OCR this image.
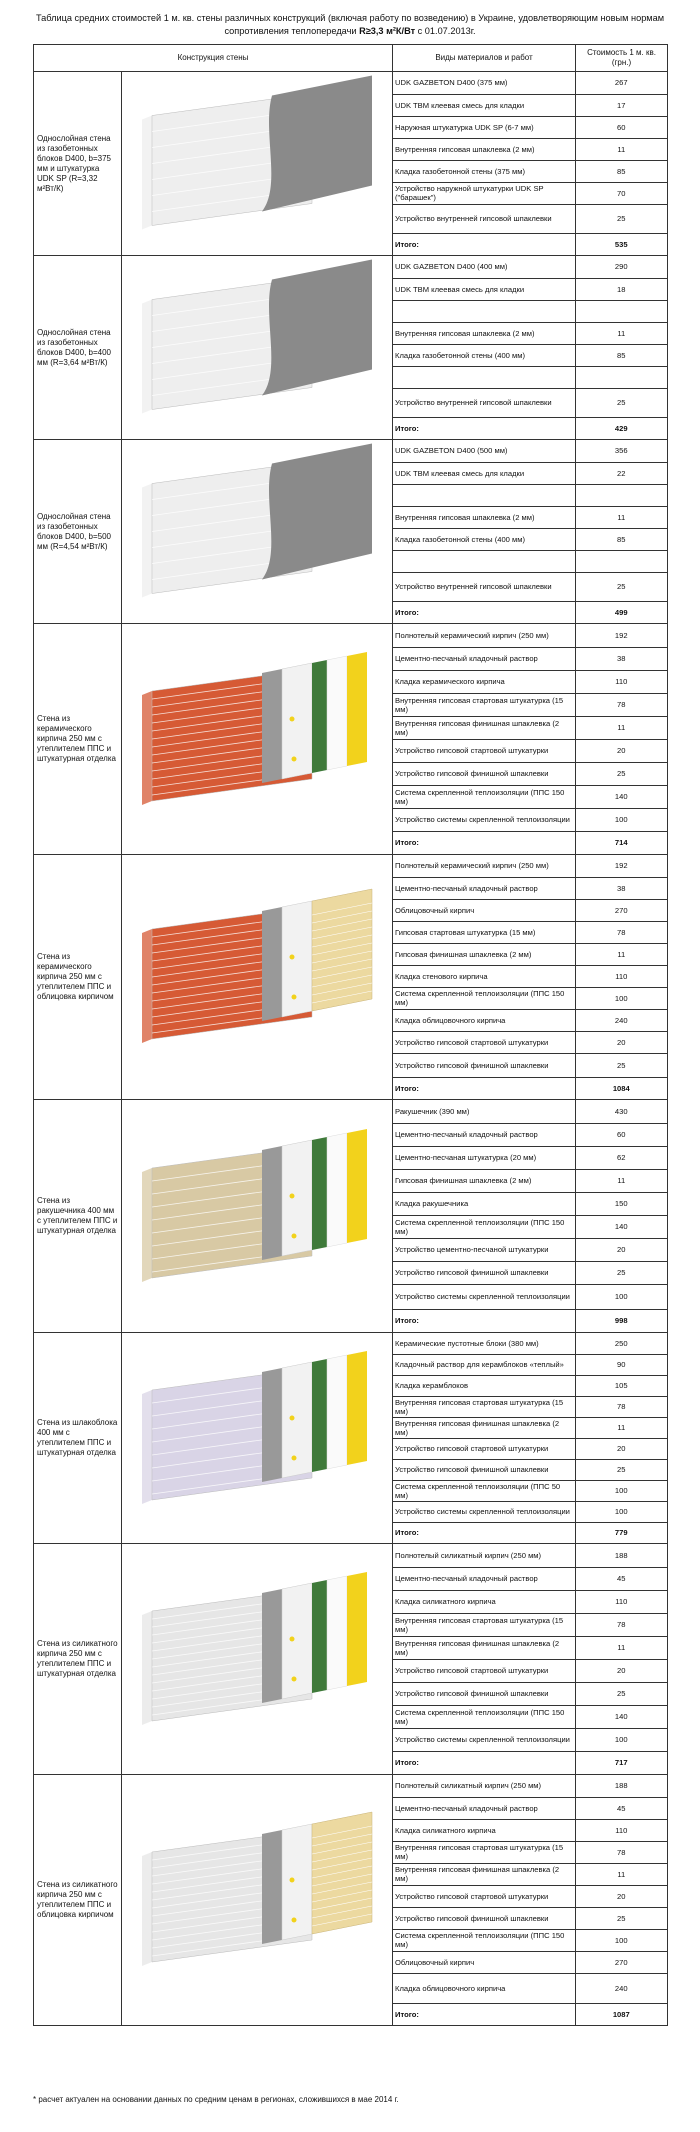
Таблица средних стоимостей 1 м. кв. стены различных конструкций (включая работу по возведению) в Украине, удовлетворяющим новым нормам
сопротивления теплопередачи R≥3,3 м²К/Вт с 01.07.2013г.
Конструкция стены	Виды материалов и работ	Стоимость 1 м. кв. (грн.)
Однослойная стена из газобетонных блоков D400, b=375 мм и штукатурка UDK SP (R=3,32 м²Вт/К)	

UDK GAZBETON D400 (375 мм)	267
UDK TBM клеевая смесь для кладки	17
Наружная штукатурка UDK SP (6-7 мм)	60
Внутренняя гипсовая шпаклевка (2 мм)	11
Кладка газобетонной стены (375 мм)	85
Устройство наружной штукатурки UDK SP ("барашек")	70
Устройство внутренней гипсовой шпаклевки	25
Итого:	535

Однослойная стена из газобетонных блоков D400, b=400 мм (R=3,64 м²Вт/К)	

UDK GAZBETON D400 (400 мм)	290
UDK TBM клеевая смесь для кладки	18

Внутренняя гипсовая шпаклевка (2 мм)	11
Кладка газобетонной стены (400 мм)	85

Устройство внутренней гипсовой шпаклевки	25
Итого:	429

Однослойная стена из газобетонных блоков D400, b=500 мм (R=4,54 м²Вт/К)	

UDK GAZBETON D400 (500 мм)	356
UDK TBM клеевая смесь для кладки	22

Внутренняя гипсовая шпаклевка (2 мм)	11
Кладка газобетонной стены (400 мм)	85

Устройство внутренней гипсовой шпаклевки	25
Итого:	499

Стена из керамического кирпича 250 мм с утеплителем ППС и штукатурная отделка	

Полнотелый керамический кирпич (250 мм)	192
Цементно-песчаный кладочный раствор	38
Кладка керамического кирпича	110
Внутренняя гипсовая стартовая штукатурка (15 мм)	78
Внутренняя гипсовая финишная шпаклевка (2 мм)	11
Устройство гипсовой стартовой штукатурки	20
Устройство гипсовой финишной шпаклевки	25
Система скрепленной теплоизоляции (ППС 150 мм)	140
Устройство системы скрепленной теплоизоляции	100
Итого:	714

Стена из керамического кирпича 250 мм с утеплителем ППС и облицовка кирпичом	

Полнотелый керамический кирпич (250 мм)	192
Цементно-песчаный кладочный раствор	38
Облицовочный кирпич	270
Гипсовая стартовая штукатурка (15 мм)	78
Гипсовая финишная шпаклевка (2 мм)	11
Кладка стенового кирпича	110
Система скрепленной теплоизоляции (ППС 150 мм)	100
Кладка облицовочного кирпича	240
Устройство гипсовой стартовой штукатурки	20
Устройство гипсовой финишной шпаклевки	25
Итого:	1084

Стена из ракушечника 400 мм с утеплителем ППС и штукатурная отделка	

Ракушечник (390 мм)	430
Цементно-песчаный кладочный раствор	60
Цементно-песчаная штукатурка (20 мм)	62
Гипсовая финишная шпаклевка (2 мм)	11
Кладка ракушечника	150
Система скрепленной теплоизоляции (ППС 150 мм)	140
Устройство цементно-песчаной штукатурки	20
Устройство гипсовой финишной шпаклевки	25
Устройство системы скрепленной теплоизоляции	100
Итого:	998

Стена из шлакоблока 400 мм с утеплителем ППС и штукатурная отделка	

Керамические пустотные блоки (380 мм)	250
Кладочный раствор для керамблоков «теплый»	90
Кладка керамблоков	105
Внутренняя гипсовая стартовая штукатурка (15 мм)	78
Внутренняя гипсовая финишная шпаклевка (2 мм)	11
Устройство гипсовой стартовой штукатурки	20
Устройство гипсовой финишной шпаклевки	25
Система скрепленной теплоизоляции (ППС 50 мм)	100
Устройство системы скрепленной теплоизоляции	100
Итого:	779

Стена из силикатного кирпича 250 мм с утеплителем ППС и штукатурная отделка	

Полнотелый силикатный кирпич (250 мм)	188
Цементно-песчаный кладочный раствор	45
Кладка силикатного кирпича	110
Внутренняя гипсовая стартовая штукатурка (15 мм)	78
Внутренняя гипсовая финишная шпаклевка (2 мм)	11
Устройство гипсовой стартовой штукатурки	20
Устройство гипсовой финишной шпаклевки	25
Система скрепленной теплоизоляции (ППС 150 мм)	140
Устройство системы скрепленной теплоизоляции	100
Итого:	717

Стена из силикатного кирпича 250 мм с утеплителем ППС и облицовка кирпичом	

Полнотелый силикатный кирпич (250 мм)	188
Цементно-песчаный кладочный раствор	45
Кладка силикатного кирпича	110
Внутренняя гипсовая стартовая штукатурка (15 мм)	78
Внутренняя гипсовая финишная шпаклевка (2 мм)	11
Устройство гипсовой стартовой штукатурки	20
Устройство гипсовой финишной шпаклевки	25
Система скрепленной теплоизоляции (ППС 150 мм)	100
Облицовочный кирпич	270
Кладка облицовочного кирпича	240
Итого:	1087
* расчет актуален на основании данных по средним ценам в регионах, сложившихся в мае 2014 г.
